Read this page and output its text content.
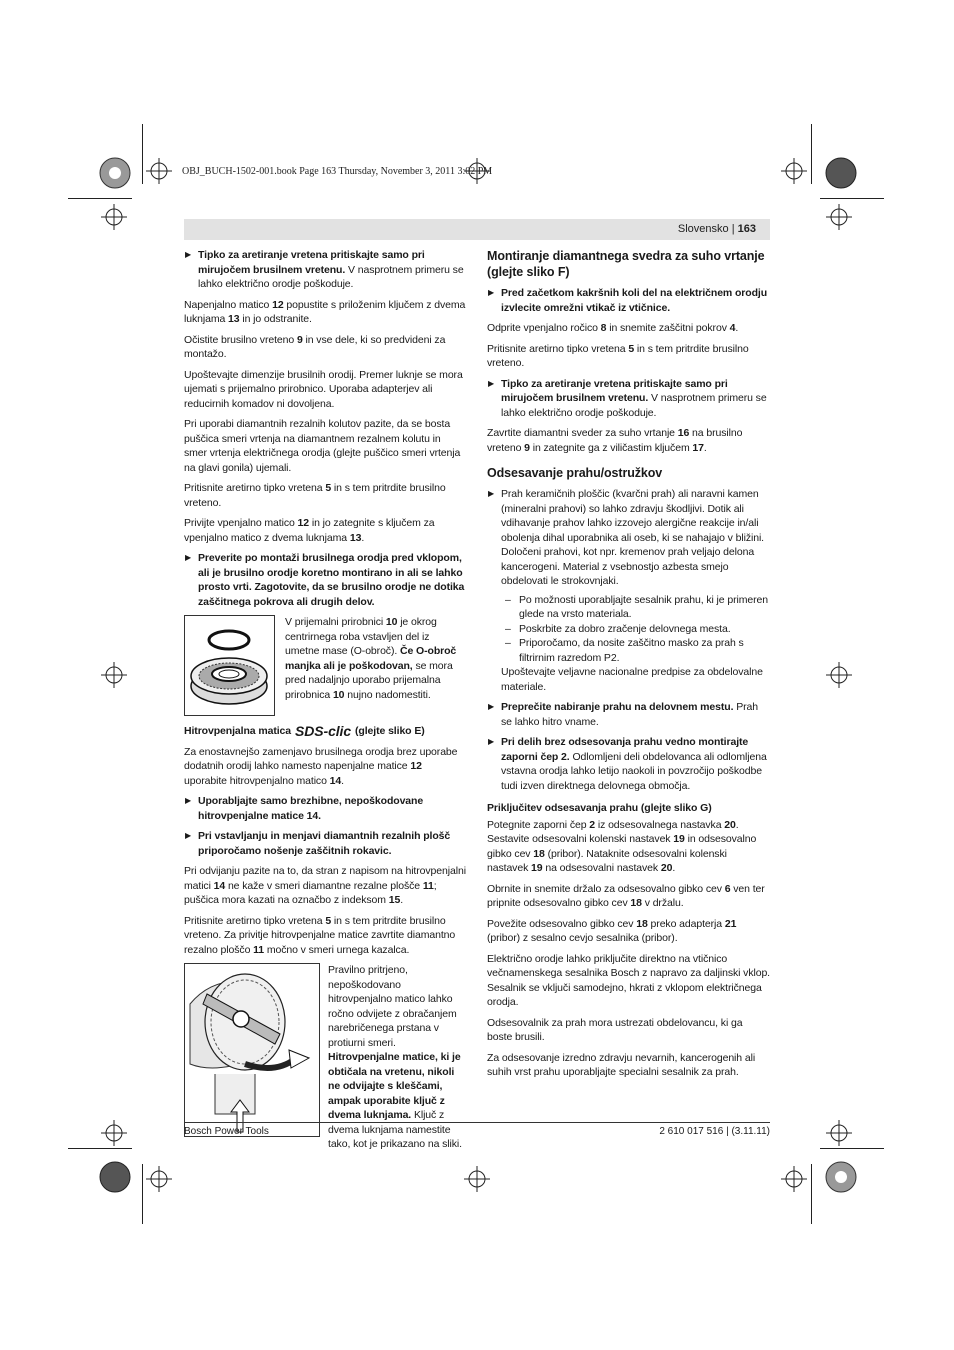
OBJ_BUCH-1502-001.book Page 163 Thursday, November 3, 2011 3:02 PM
Slovensko | 163
▶ Tipko za aretiranje vretena pritiskajte samo pri mirujočem brusilnem vretenu. V nasprotnem primeru se lahko električno orodje poškoduje.

Napenjalno matico 12 popustite s priloženim ključem z dvema luknjama 13 in jo odstranite.

Očistite brusilno vreteno 9 in vse dele, ki so predvideni za montažo.

Upoštevajte dimenzije brusilnih orodij. Premer luknje se mora ujemati s prijemalno prirobnico. Uporaba adapterjev ali reducirnih komadov ni dovoljena.

Pri uporabi diamantnih rezalnih kolutov pazite, da se bosta puščica smeri vrtenja na diamantnem rezalnem kolutu in smer vrtenja električnega orodja (glejte puščico smeri vrtenja na glavi gonila) ujemali.

Pritisnite aretirno tipko vretena 5 in s tem pritrdite brusilno vreteno.

Privijte vpenjalno matico 12 in jo zategnite s ključem za vpenjalno matico z dvema luknjama 13.

▶ Preverite po montaži brusilnega orodja pred vklopom, ali je brusilno orodje koretno montirano in ali se lahko prosto vrti. Zagotovite, da se brusilno orodje ne dotika zaščitnega pokrova ali drugih delov.
V prijemalni prirobnici 10 je okrog centrirnega roba vstavljen del iz umetne mase (O-obroč). Če O-obroč manjka ali je poškodovan, se mora pred nadaljnjo uporabo prijemalna prirobnica 10 nujno nadomestiti.
Hitrovpenjalna matica SDS-clic (glejte sliko E)

Za enostavnejšo zamenjavo brusilnega orodja brez uporabe dodatnih orodij lahko namesto napenjalne matice 12 uporabite hitrovpenjalno matico 14.

▶ Uporabljajte samo brezhibne, nepoškodovane hitrovpenjalne matice 14.
▶ Pri vstavljanju in menjavi diamantnih rezalnih plošč priporočamo nošenje zaščitnih rokavic.

Pri odvijanju pazite na to, da stran z napisom na hitrovpenjalni matici 14 ne kaže v smeri diamantne rezalne plošče 11; puščica mora kazati na označbo z indeksom 15.

Pritisnite aretirno tipko vretena 5 in s tem pritrdite brusilno vreteno. Za privitje hitrovpenjalne matice zavrtite diamantno rezalno ploščo 11 močno v smeri urnega kazalca.

Pravilno pritrjeno, nepoškodovano hitrovpenjalno matico lahko ročno odvijete z obračanjem narebričenega prstana v protiurni smeri. Hitrovpenjalne matice, ki je obtičala na vretenu, nikoli ne odvijajte s kleščami, ampak uporabite ključ z dvema luknjama. Ključ z dvema luknjama namestite tako, kot je prikazano na sliki.
Montiranje diamantnega svedra za suho vrtanje (glejte sliko F)
▶ Pred začetkom kakršnih koli del na električnem orodju izvlecite omrežni vtikač iz vtičnice.

Odprite vpenjalno ročico 8 in snemite zaščitni pokrov 4.

Pritisnite aretirno tipko vretena 5 in s tem pritrdite brusilno vreteno.

▶ Tipko za aretiranje vretena pritiskajte samo pri mirujočem brusilnem vretenu. V nasprotnem primeru se lahko električno orodje poškoduje.

Zavrtite diamantni sveder za suho vrtanje 16 na brusilno vreteno 9 in zategnite ga z viličastim ključem 17.

Odsesavanje prahu/ostružkov
▶ Prah keramičnih ploščic (kvarčni prah) ali naravni kamen (mineralni prahovi) so lahko zdravju škodljivi. Dotik ali vdihavanje prahov lahko izzovejo alergične reakcije in/ali obolenja dihal uporabnika ali oseb, ki se nahajajo v bližini. Določeni prahovi, kot npr. kremenov prah veljajo delona kancerogeni. Material z vsebnostjo azbesta smejo obdelovati le strokovnjaki.
– Po možnosti uporabljajte sesalnik prahu, ki je primeren glede na vrsto materiala.
– Poskrbite za dobro zračenje delovnega mesta.
– Priporočamo, da nosite zaščitno masko za prah s filtrirnim razredom P2.

Upoštevajte veljavne nacionalne predpise za obdelovalne materiale.

▶ Preprečite nabiranje prahu na delovnem mestu. Prah se lahko hitro vname.
▶ Pri delih brez odsesovanja prahu vedno montirajte zaporni čep 2. Odlomljeni deli obdelovanca ali odlomljena vstavna orodja lahko letijo naokoli in povzročijo poškodbe tudi izven direktnega delovnega območja.
Priključitev odsesavanja prahu (glejte sliko G)

Potegnite zaporni čep 2 iz odsesovalnega nastavka 20. Sestavite odsesovalni kolenski nastavek 19 in odsesovalno gibko cev 18 (pribor). Nataknite odsesovalni kolenski nastavek 19 na odsesovalni nastavek 20.

Obrnite in snemite držalo za odsesovalno gibko cev 6 ven ter pripnite odsesovalno gibko cev 18 v držalu.

Povežite odsesovalno gibko cev 18 preko adapterja 21 (pribor) z sesalno cevjo sesalnika (pribor).

Električno orodje lahko priključite direktno na vtičnico večnamenskega sesalnika Bosch z napravo za daljinski vklop. Sesalnik se vključi samodejno, hkrati z vklopom električnega orodja.

Odsesovalnik za prah mora ustrezati obdelovancu, ki ga boste brusili.

Za odsesovanje izredno zdravju nevarnih, kancerogenih ali suhih vrst prahu uporabljajte specialni sesalnik za prah.

Bosch Power Tools	2 610 017 516 | (3.11.11)
